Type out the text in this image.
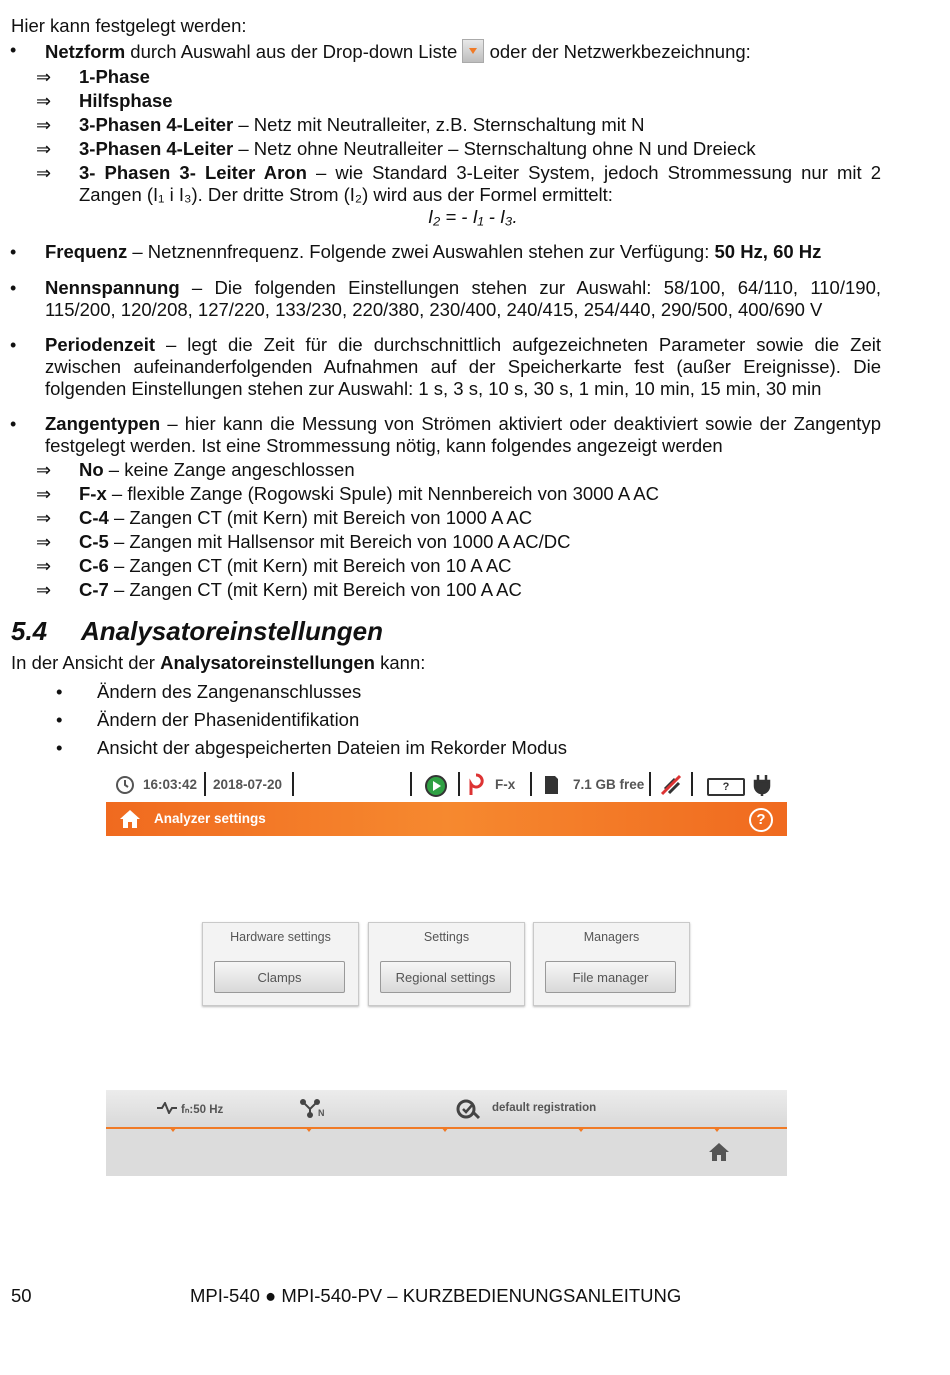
Hier kann festgelegt werden:
• Netzform durch Auswahl aus der Drop-down Liste
oder der Netzwerkbezeichnung:
⇒ 1-Phase
⇒ Hilfsphase
⇒ 3-Phasen 4-Leiter – Netz mit Neutralleiter, z.B. Sternschaltung mit N
⇒ 3-Phasen 4-Leiter – Netz ohne Neutralleiter – Sternschaltung ohne N und Dreieck
⇒ 3- Phasen 3- Leiter Aron – wie Standard 3-Leiter System, jedoch Strommessung nur mit 2
Zangen (I₁ i I₃). Der dritte Strom (I₂) wird aus der Formel ermittelt:
I₂ = - I₁ - I₃.
• Frequenz – Netznennfrequenz. Folgende zwei Auswahlen stehen zur Verfügung: 50 Hz, 60 Hz
• Nennspannung – Die folgenden Einstellungen stehen zur Auswahl: 58/100, 64/110, 110/190, 115/200, 120/208, 127/220, 133/230, 220/380, 230/400, 240/415, 254/440, 290/500, 400/690 V
• Periodenzeit – legt die Zeit für die durchschnittlich aufgezeichneten Parameter sowie die Zeit zwischen aufeinanderfolgenden Aufnahmen auf der Speicherkarte fest (außer Ereignisse). Die folgenden Einstellungen stehen zur Auswahl: 1 s, 3 s, 10 s, 30 s, 1 min, 10 min, 15 min, 30 min
• Zangentypen – hier kann die Messung von Strömen aktiviert oder deaktiviert sowie der Zangentyp festgelegt werden. Ist eine Strommessung nötig, kann folgendes angezeigt werden
⇒ No – keine Zange angeschlossen
⇒ F-x – flexible Zange (Rogowski Spule) mit Nennbereich von 3000 A AC
⇒ C-4 – Zangen CT (mit Kern) mit Bereich von 1000 A AC
⇒ C-5 – Zangen mit Hallsensor mit Bereich von 1000 A AC/DC
⇒ C-6 – Zangen CT (mit Kern) mit Bereich von 10 A AC
⇒ C-7 – Zangen CT (mit Kern) mit Bereich von 100 A AC
5.4 Analysatoreinstellungen
In der Ansicht der Analysatoreinstellungen kann:
• Ändern des Zangenanschlusses
• Ändern der Phasenidentifikation
• Ansicht der abgespeicherten Dateien im Rekorder Modus
16:03:42 2018-07-20	F-x	7.1 GB free	?
Analyzer settings	?
Hardware settings
Clamps
Settings
Regional settings
Managers
File manager
fₙ:50 Hz	N	default registration
50	MPI-540 ● MPI-540-PV – KURZBEDIENUNGSANLEITUNG
